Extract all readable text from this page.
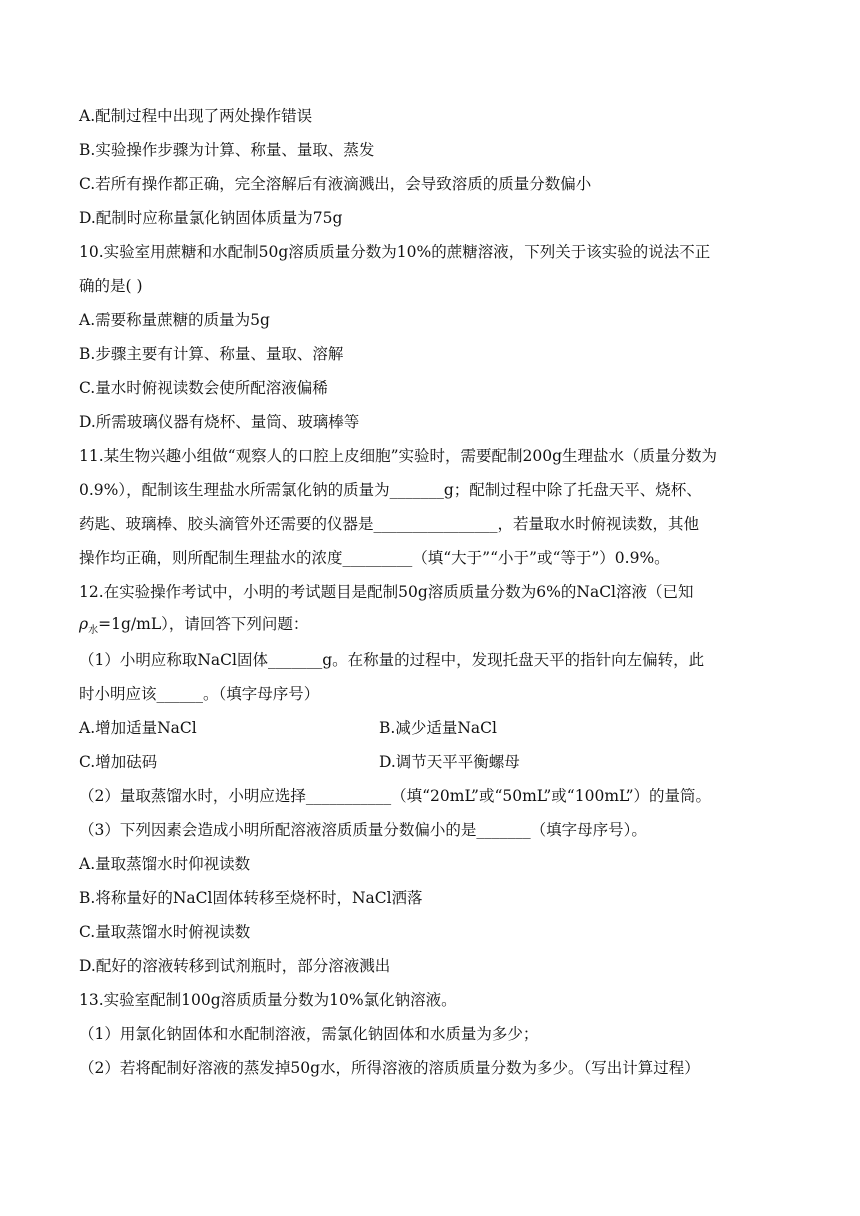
A.配制过程中出现了两处操作错误
B.实验操作步骤为计算、称量、量取、蒸发
C.若所有操作都正确，完全溶解后有液滴溅出，会导致溶质的质量分数偏小
D.配制时应称量氯化钠固体质量为75g
10.实验室用蔗糖和水配制50g溶质质量分数为10%的蔗糖溶液，下列关于该实验的说法不正
确的是( )
A.需要称量蔗糖的质量为5g
B.步骤主要有计算、称量、量取、溶解
C.量水时俯视读数会使所配溶液偏稀
D.所需玻璃仪器有烧杯、量筒、玻璃棒等
11.某生物兴趣小组做“观察人的口腔上皮细胞”实验时，需要配制200g生理盐水（质量分数为
0.9%），配制该生理盐水所需氯化钠的质量为_______g；配制过程中除了托盘天平、烧杯、
药匙、玻璃棒、胶头滴管外还需要的仪器是________________，若量取水时俯视读数，其他
操作均正确，则所配制生理盐水的浓度_________（填“大于”“小于”或“等于”）0.9%。
12.在实验操作考试中，小明的考试题目是配制50g溶质质量分数为6%的NaCl溶液（已知
$\rho_水=1g/mL$），请回答下列问题：
（1）小明应称取NaCl固体_______g。在称量的过程中，发现托盘天平的指针向左偏转，此
时小明应该______。（填字母序号）
A.增加适量NaCl	B.减少适量NaCl
C.增加砝码	D.调节天平平衡螺母
（2）量取蒸馏水时，小明应选择___________（填“20mL”或“50mL”或“100mL”）的量筒。
（3）下列因素会造成小明所配溶液溶质质量分数偏小的是_______（填字母序号）。
A.量取蒸馏水时仰视读数
B.将称量好的NaCl固体转移至烧杯时，NaCl洒落
C.量取蒸馏水时俯视读数
D.配好的溶液转移到试剂瓶时，部分溶液溅出
13.实验室配制100g溶质质量分数为10%氯化钠溶液。
（1）用氯化钠固体和水配制溶液，需氯化钠固体和水质量为多少；
（2）若将配制好溶液的蒸发掉50g水，所得溶液的溶质质量分数为多少。（写出计算过程）
